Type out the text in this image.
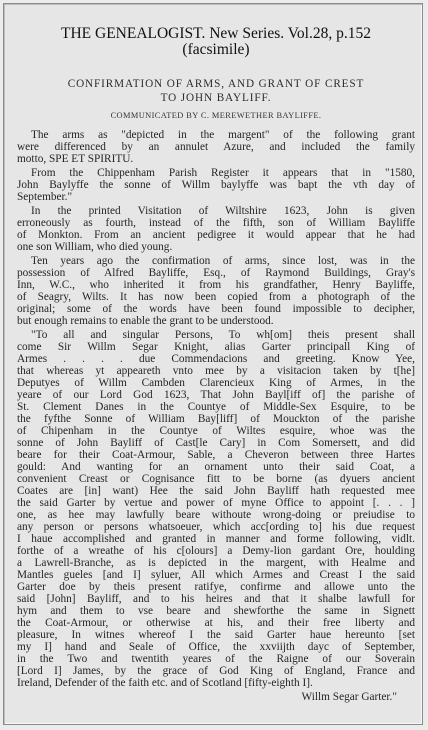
THE GENEALOGIST. New Series. Vol.28, p.152
(facsimile)
CONFIRMATION OF ARMS, AND GRANT OF CREST
TO JOHN BAYLIFF.
COMMUNICATED BY C. MEREWETHER BAYLIFFE.
The arms as "depicted in the margent" of the following grant
were differenced by an annulet Azure, and included the family
motto, SPE ET SPIRITU.
From the Chippenham Parish Register it appears that in "1580,
John Baylyffe the sonne of Willm baylyffe was bapt the vth day of
September."
In the printed Visitation of Wiltshire 1623, John is given
erroneously as fourth, instead of the fifth, son of William Bayliffe
of Monkton. From an ancient pedigree it would appear that he had
one son William, who died young.
Ten years ago the confirmation of arms, since lost, was in the
possession of Alfred Bayliffe, Esq., of Raymond Buildings, Gray's
Inn, W.C., who inherited it from his grandfather, Henry Bayliffe,
of Seagry, Wilts. It has now been copied from a photograph of the
original; some of the words have been found impossible to decipher,
but enough remains to enable the grant to be understood.
"To all and singular Persons, To wh[om] theis present shall
come Sir Willm Segar Knight, alias Garter principall King of
Armes . . . . due Commendacions and greeting. Know Yee,
that whereas yt appeareth vnto mee by a visitacion taken by t[he]
Deputyes of Willm Cambden Clarencieux King of Armes, in the
yeare of our Lord God 1623, That John Bayl[iff of] the parishe of
St. Clement Danes in the Countye of Middle-Sex Esquire, to be
the fyfthe Sonne of William Bay[liff] of Mouckton of the parishe
of Chipenham in the Countye of Wiltes esquire, whoe was the
sonne of John Bayliff of Cast[le Cary] in Com Somersett, and did
beare for their Coat-Armour, Sable, a Cheveron between three Hartes
gould: And wanting for an ornament unto their said Coat, a
convenient Creast or Cognisance fitt to be borne (as dyuers ancient
Coates are [in] want) Hee the said John Bayliff hath requested mee
the said Garter by vertue and power of myne Office to appoint [. . . ]
one, as hee may lawfully beare withoute wrong-doing or preiudise to
any person or persons whatsoeuer, which acc[ording to] his due request
I haue accomplished and granted in manner and forme following, vidlt.
forthe of a wreathe of his c[olours] a Demy-lion gardant Ore, houlding
a Lawrell-Branche, as is depicted in the margent, with Healme and
Mantles gueles [and I] syluer, All which Armes and Creast I the said
Garter doe by theis present ratifye, confirme and allowe unto the
said [John] Bayliff, and to his heires and that it shalbe lawfull for
hym and them to vse beare and shewforthe the same in Signett
the Coat-Armour, or otherwise at his, and their free liberty and
pleasure, In witnes whereof I the said Garter haue hereunto [set
my I] hand and Seale of Office, the xxviijth dayc of September,
in the Two and twentith yeares of the Raigne of our Soverain
[Lord I] James, by the grace of God King of England, France and
Ireland, Defender of the faith etc. and of Scotland [fifty-eighth I].
Willm Segar Garter."
